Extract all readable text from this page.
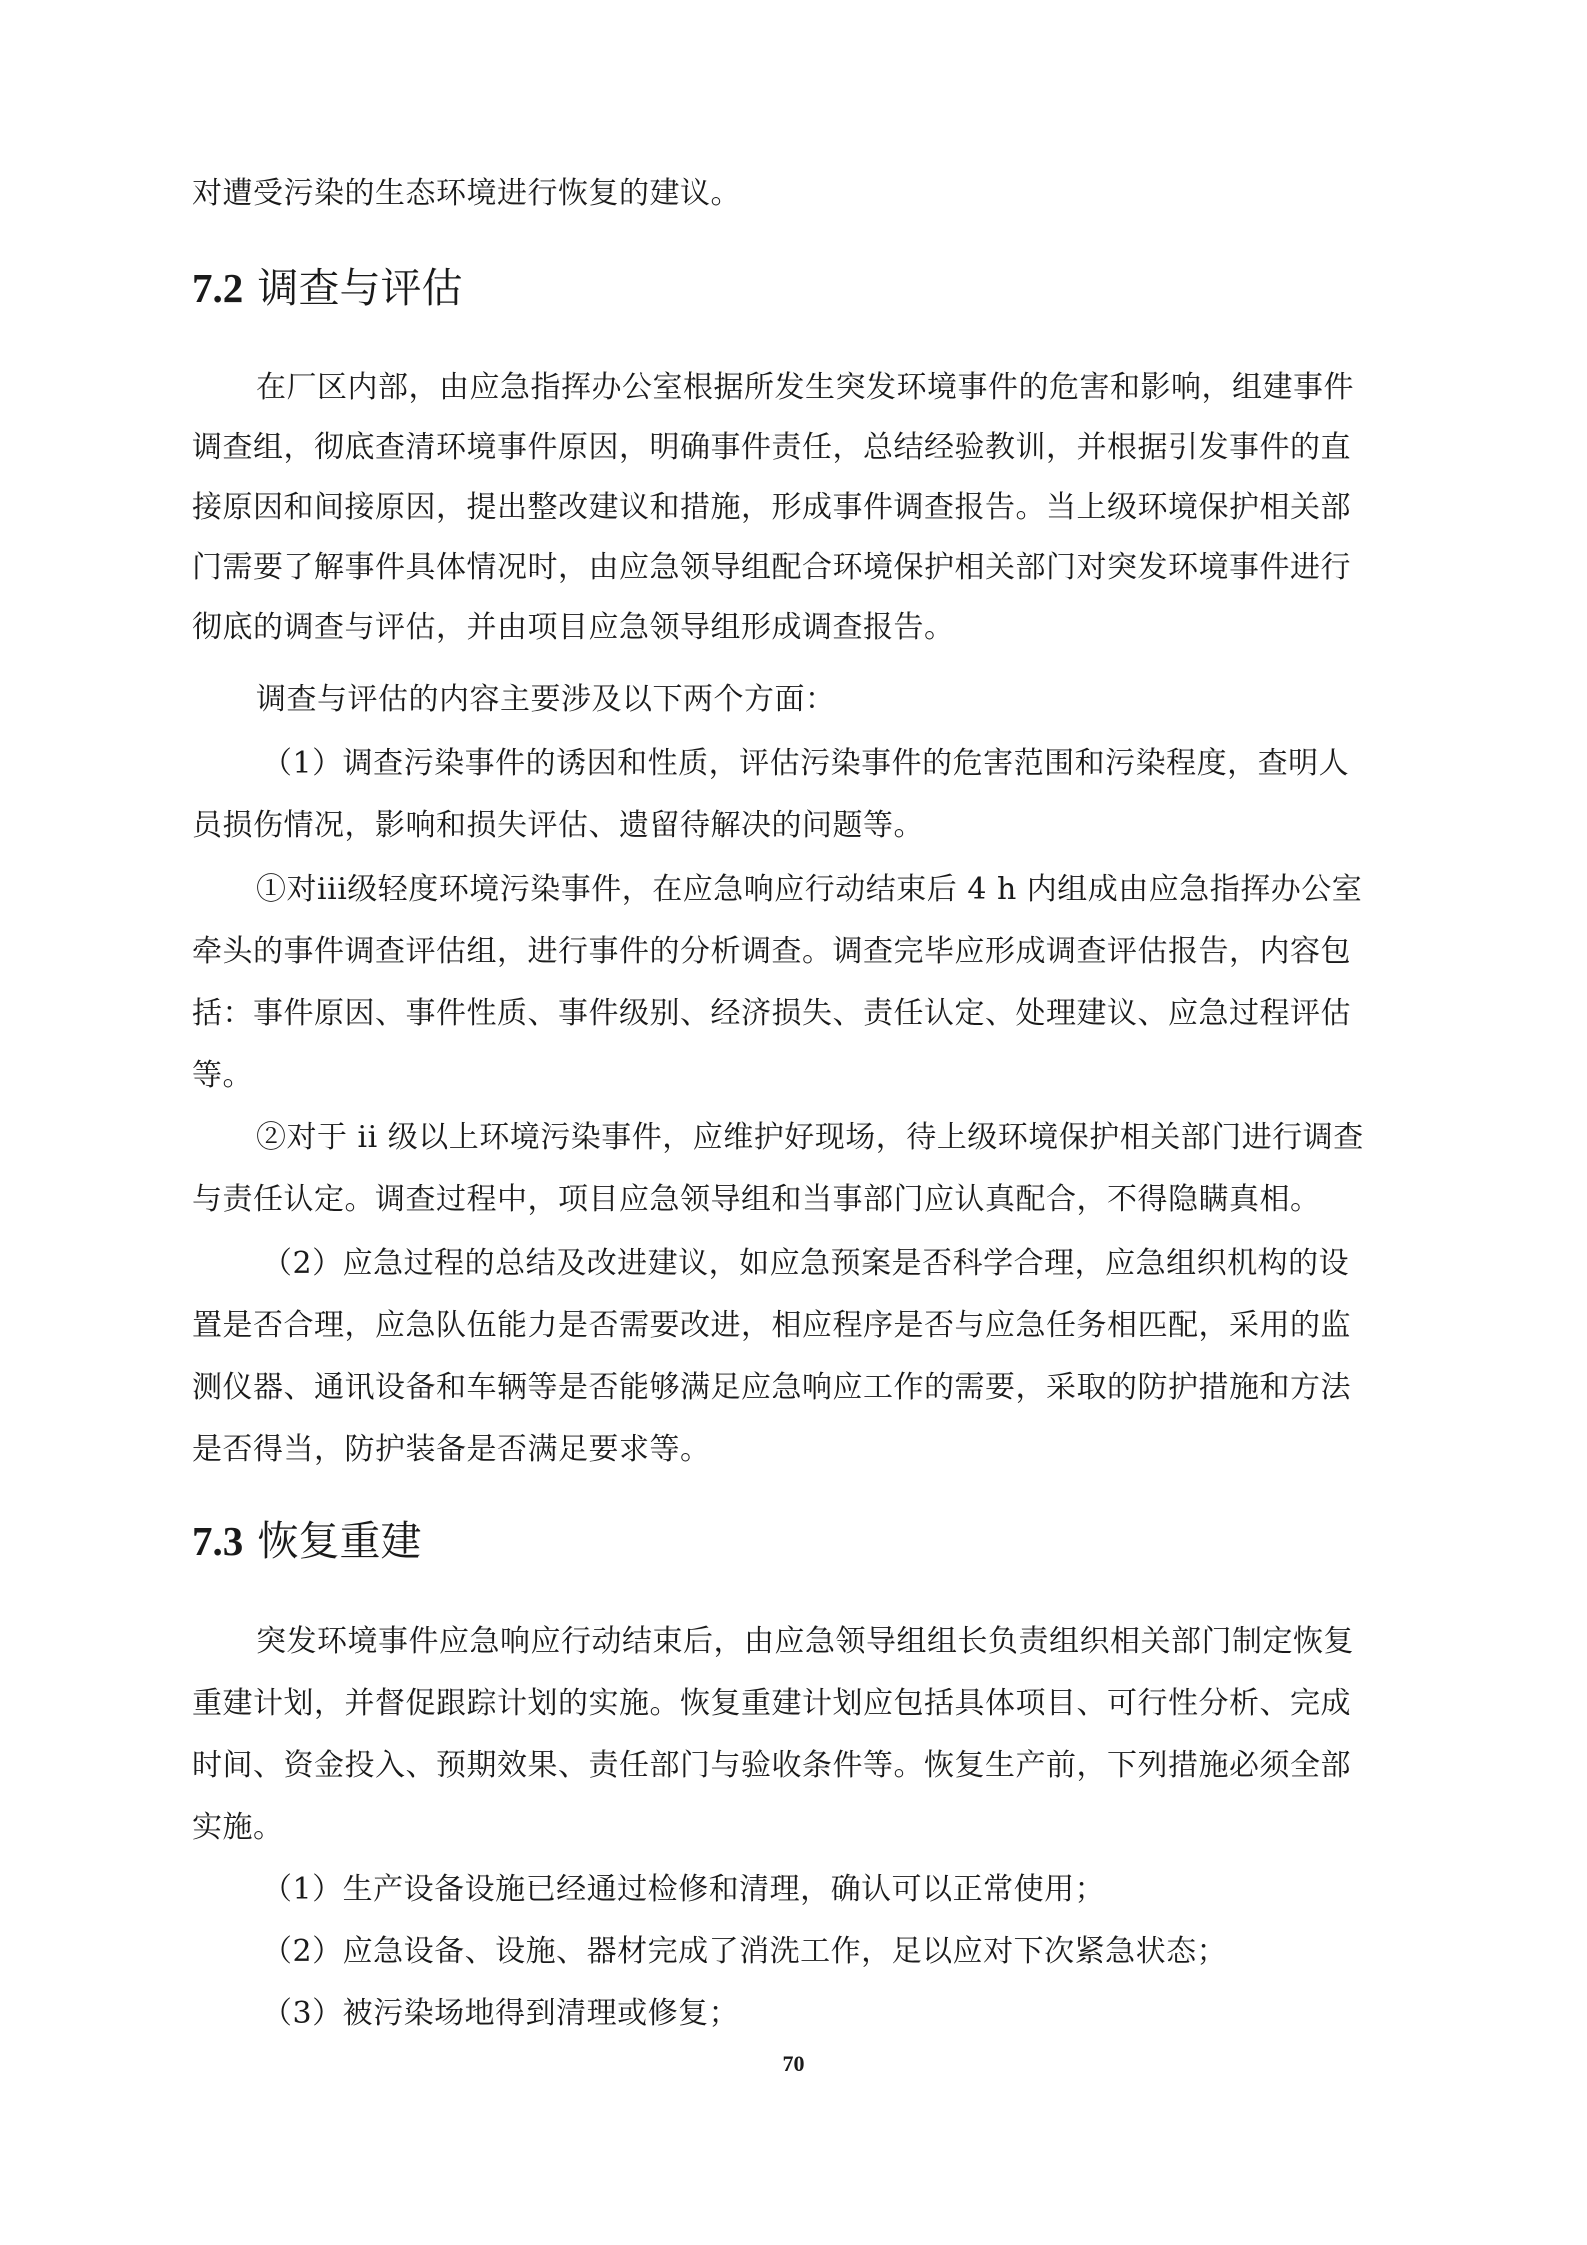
对遭受污染的生态环境进行恢复的建议。
7.2 调查与评估
在厂区内部，由应急指挥办公室根据所发生突发环境事件的危害和影响，组建事件
调查组，彻底查清环境事件原因，明确事件责任，总结经验教训，并根据引发事件的直
接原因和间接原因，提出整改建议和措施，形成事件调查报告。当上级环境保护相关部
门需要了解事件具体情况时，由应急领导组配合环境保护相关部门对突发环境事件进行
彻底的调查与评估，并由项目应急领导组形成调查报告。
调查与评估的内容主要涉及以下两个方面：
（1）调查污染事件的诱因和性质，评估污染事件的危害范围和污染程度，查明人
员损伤情况，影响和损失评估、遗留待解决的问题等。
①对iii级轻度环境污染事件，在应急响应行动结束后 4 h 内组成由应急指挥办公室
牵头的事件调查评估组，进行事件的分析调查。调查完毕应形成调查评估报告，内容包
括：事件原因、事件性质、事件级别、经济损失、责任认定、处理建议、应急过程评估
等。
②对于 ii 级以上环境污染事件，应维护好现场，待上级环境保护相关部门进行调查
与责任认定。调查过程中，项目应急领导组和当事部门应认真配合，不得隐瞒真相。
（2）应急过程的总结及改进建议，如应急预案是否科学合理，应急组织机构的设
置是否合理，应急队伍能力是否需要改进，相应程序是否与应急任务相匹配，采用的监
测仪器、通讯设备和车辆等是否能够满足应急响应工作的需要，采取的防护措施和方法
是否得当，防护装备是否满足要求等。
7.3 恢复重建
突发环境事件应急响应行动结束后，由应急领导组组长负责组织相关部门制定恢复
重建计划，并督促跟踪计划的实施。恢复重建计划应包括具体项目、可行性分析、完成
时间、资金投入、预期效果、责任部门与验收条件等。恢复生产前，下列措施必须全部
实施。
（1）生产设备设施已经通过检修和清理，确认可以正常使用；
（2）应急设备、设施、器材完成了消洗工作，足以应对下次紧急状态；
（3）被污染场地得到清理或修复；
70
